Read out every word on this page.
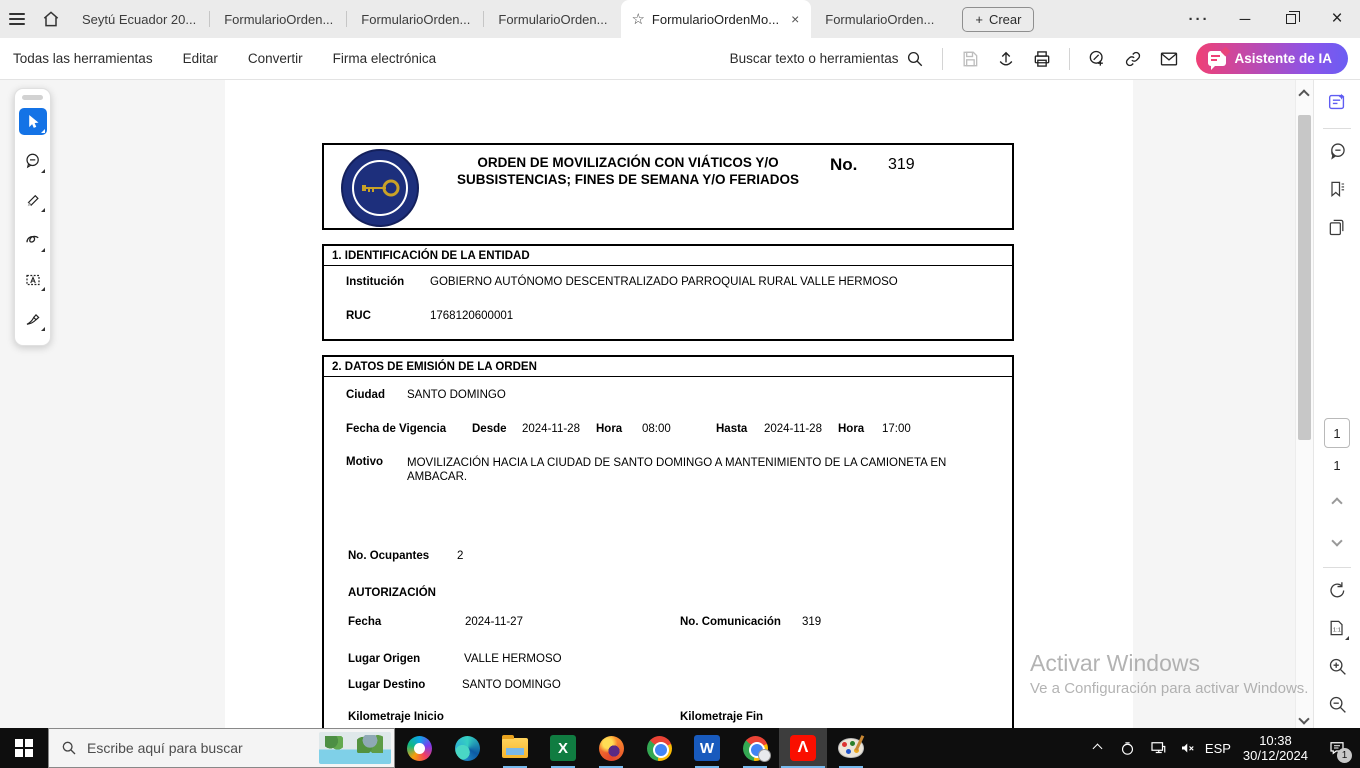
Seytú Ecuador 20... FormularioOrden... FormularioOrden... FormularioOrden... ☆ FormularioOrdenMo... × FormularioOrden...	+ Crear	···	─	×
Todas las herramientas	Editar	Convertir	Firma electrónica	Buscar texto o herramientas	Asistente de IA
ORDEN DE MOVILIZACIÓN CON VIÁTICOS Y/O SUBSISTENCIAS; FINES DE SEMANA Y/O FERIADOS
No. 319
1. IDENTIFICACIÓN DE LA ENTIDAD
Institución GOBIERNO AUTÓNOMO DESCENTRALIZADO PARROQUIAL RURAL VALLE HERMOSO
RUC	1768120600001
2. DATOS DE EMISIÓN DE LA ORDEN
Ciudad SANTO DOMINGO
Fecha de Vigencia Desde 2024-11-28 Hora 08:00	Hasta 2024-11-28 Hora 17:00
Motivo MOVILIZACIÓN HACIA LA CIUDAD DE SANTO DOMINGO A MANTENIMIENTO DE LA CAMIONETA EN AMBACAR.
No. Ocupantes 2
AUTORIZACIÓN
Fecha	2024-11-27	No. Comunicación 319
Lugar Origen	VALLE HERMOSO
Lugar Destino	SANTO DOMINGO
Kilometraje Inicio	Kilometraje Fin
1
1
1:1
Activar Windows
Ve a Configuración para activar Windows.
Escribe aquí para buscar	X	W	Λ	ESP	10:38
30/12/2024	1
